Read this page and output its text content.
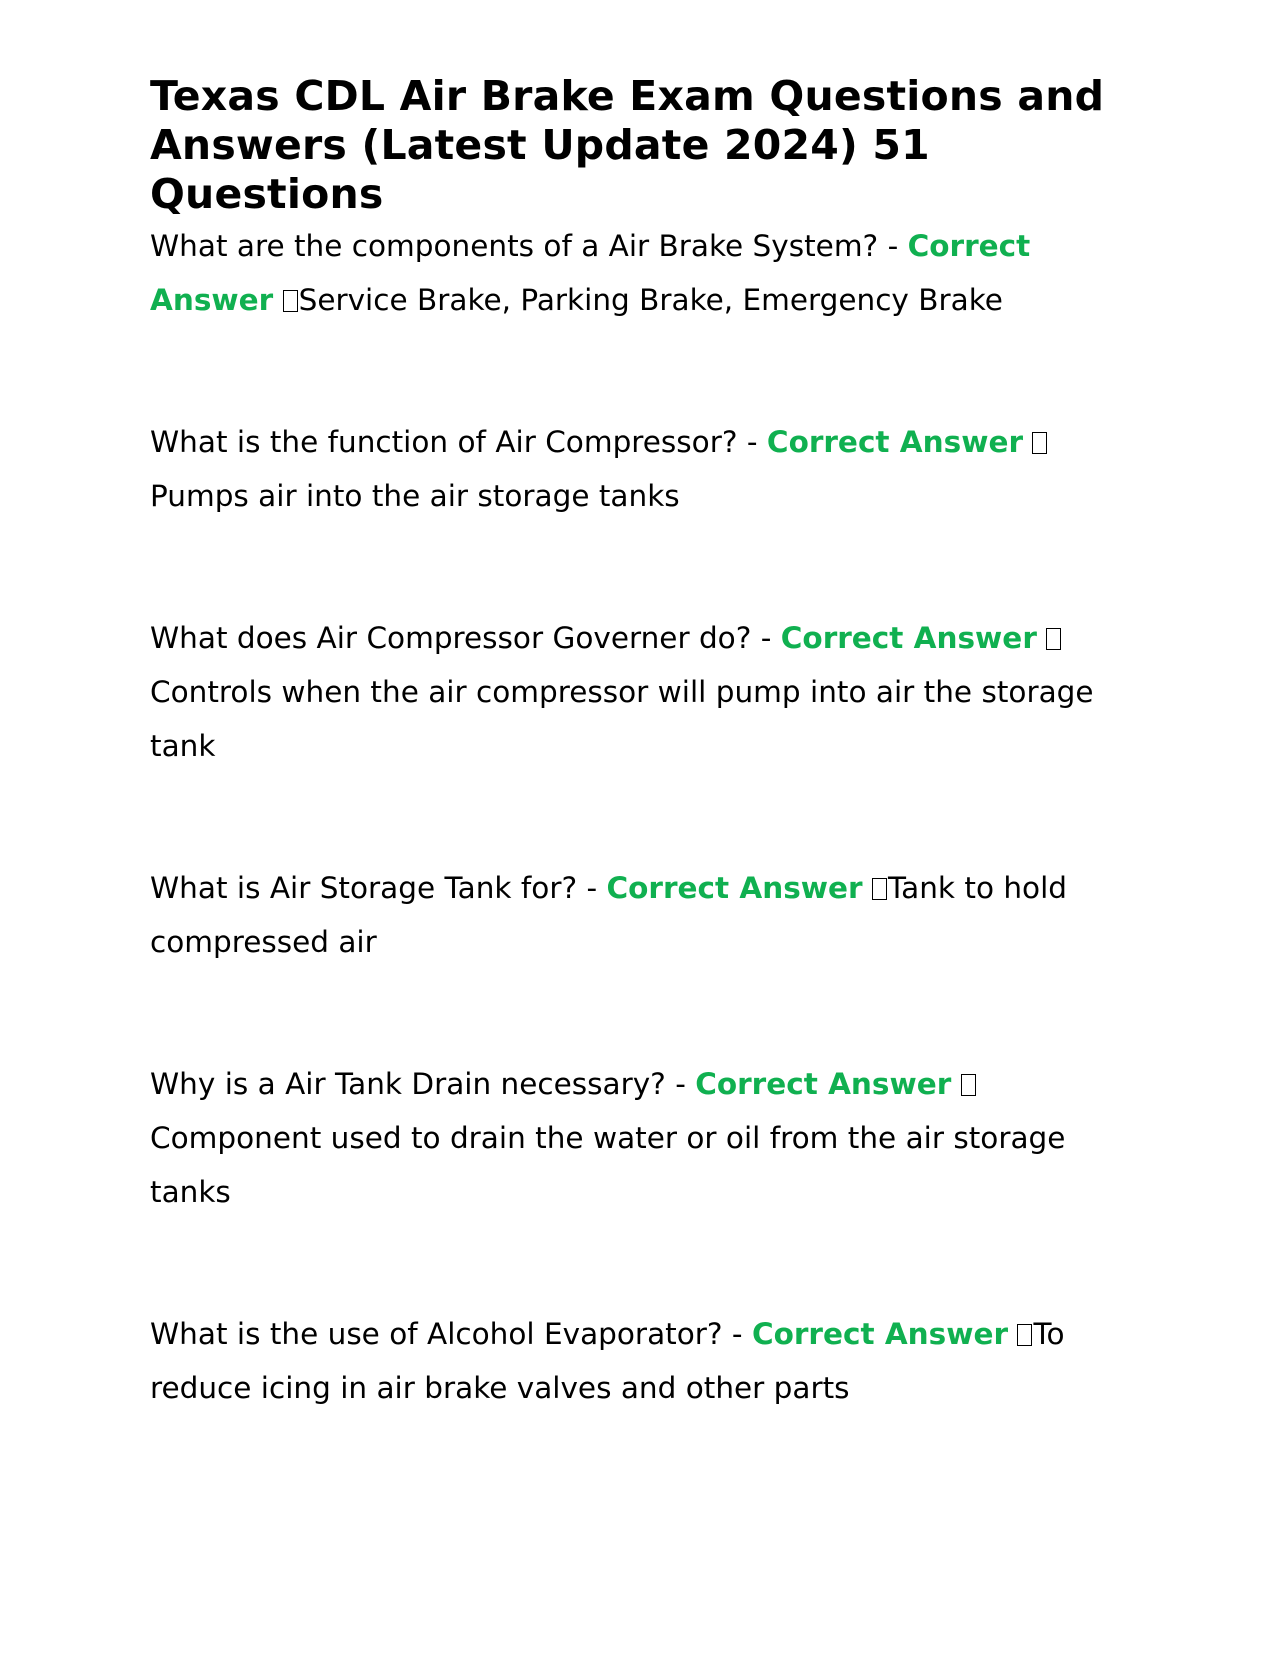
Texas CDL Air Brake Exam Questions and Answers (Latest Update 2024) 51 Questions

What are the components of a Air Brake System? - Correct Answer Service Brake, Parking Brake, Emergency Brake

What is the function of Air Compressor? - Correct Answer Pumps air into the air storage tanks

What does Air Compressor Governer do? - Correct Answer Controls when the air compressor will pump into air the storage tank

What is Air Storage Tank for? - Correct Answer Tank to hold compressed air

Why is a Air Tank Drain necessary? - Correct Answer Component used to drain the water or oil from the air storage tanks

What is the use of Alcohol Evaporator? - Correct Answer To reduce icing in air brake valves and other parts
